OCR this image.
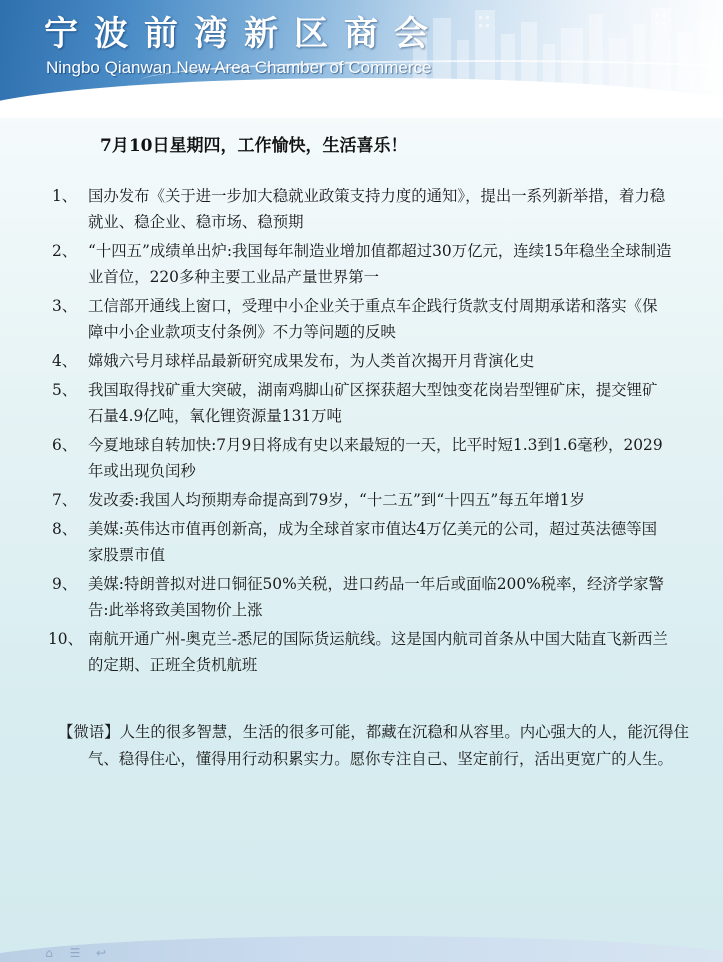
宁波前湾新区商会
Ningbo Qianwan New Area Chamber of Commerce
7月10日星期四，工作愉快，生活喜乐！
1、 国办发布《关于进一步加大稳就业政策支持力度的通知》，提出一系列新举措，着力稳就业、稳企业、稳市场、稳预期
2、 “十四五”成绩单出炉:我国每年制造业增加值都超过30万亿元，连续15年稳坐全球制造业首位，220多种主要工业品产量世界第一
3、 工信部开通线上窗口，受理中小企业关于重点车企践行货款支付周期承诺和落实《保障中小企业款项支付条例》不力等问题的反映
4、 嫦娥六号月球样品最新研究成果发布，为人类首次揭开月背演化史
5、 我国取得找矿重大突破，湖南鸡脚山矿区探获超大型蚀变花岗岩型锂矿床，提交锂矿石量4.9亿吨，氧化锂资源量131万吨
6、 今夏地球自转加快:7月9日将成有史以来最短的一天，比平时短1.3到1.6毫秒，2029年或出现负闰秒
7、 发改委:我国人均预期寿命提高到79岁，“十二五”到“十四五”每五年增1岁
8、 美媒:英伟达市值再创新高，成为全球首家市值达4万亿美元的公司，超过英法德等国家股票市值
9、 美媒:特朗普拟对进口铜征50%关税，进口药品一年后或面临200%税率，经济学家警告:此举将致美国物价上涨
10、 南航开通广州-奥克兰-悉尼的国际货运航线。这是国内航司首条从中国大陆直飞新西兰的定期、正班全货机航班
【微语】人生的很多智慧，生活的很多可能，都藏在沉稳和从容里。内心强大的人，能沉得住气、稳得住心，懂得用行动积累实力。愿你专注自己、坚定前行，活出更宽广的人生。
⌂	☰	↩
